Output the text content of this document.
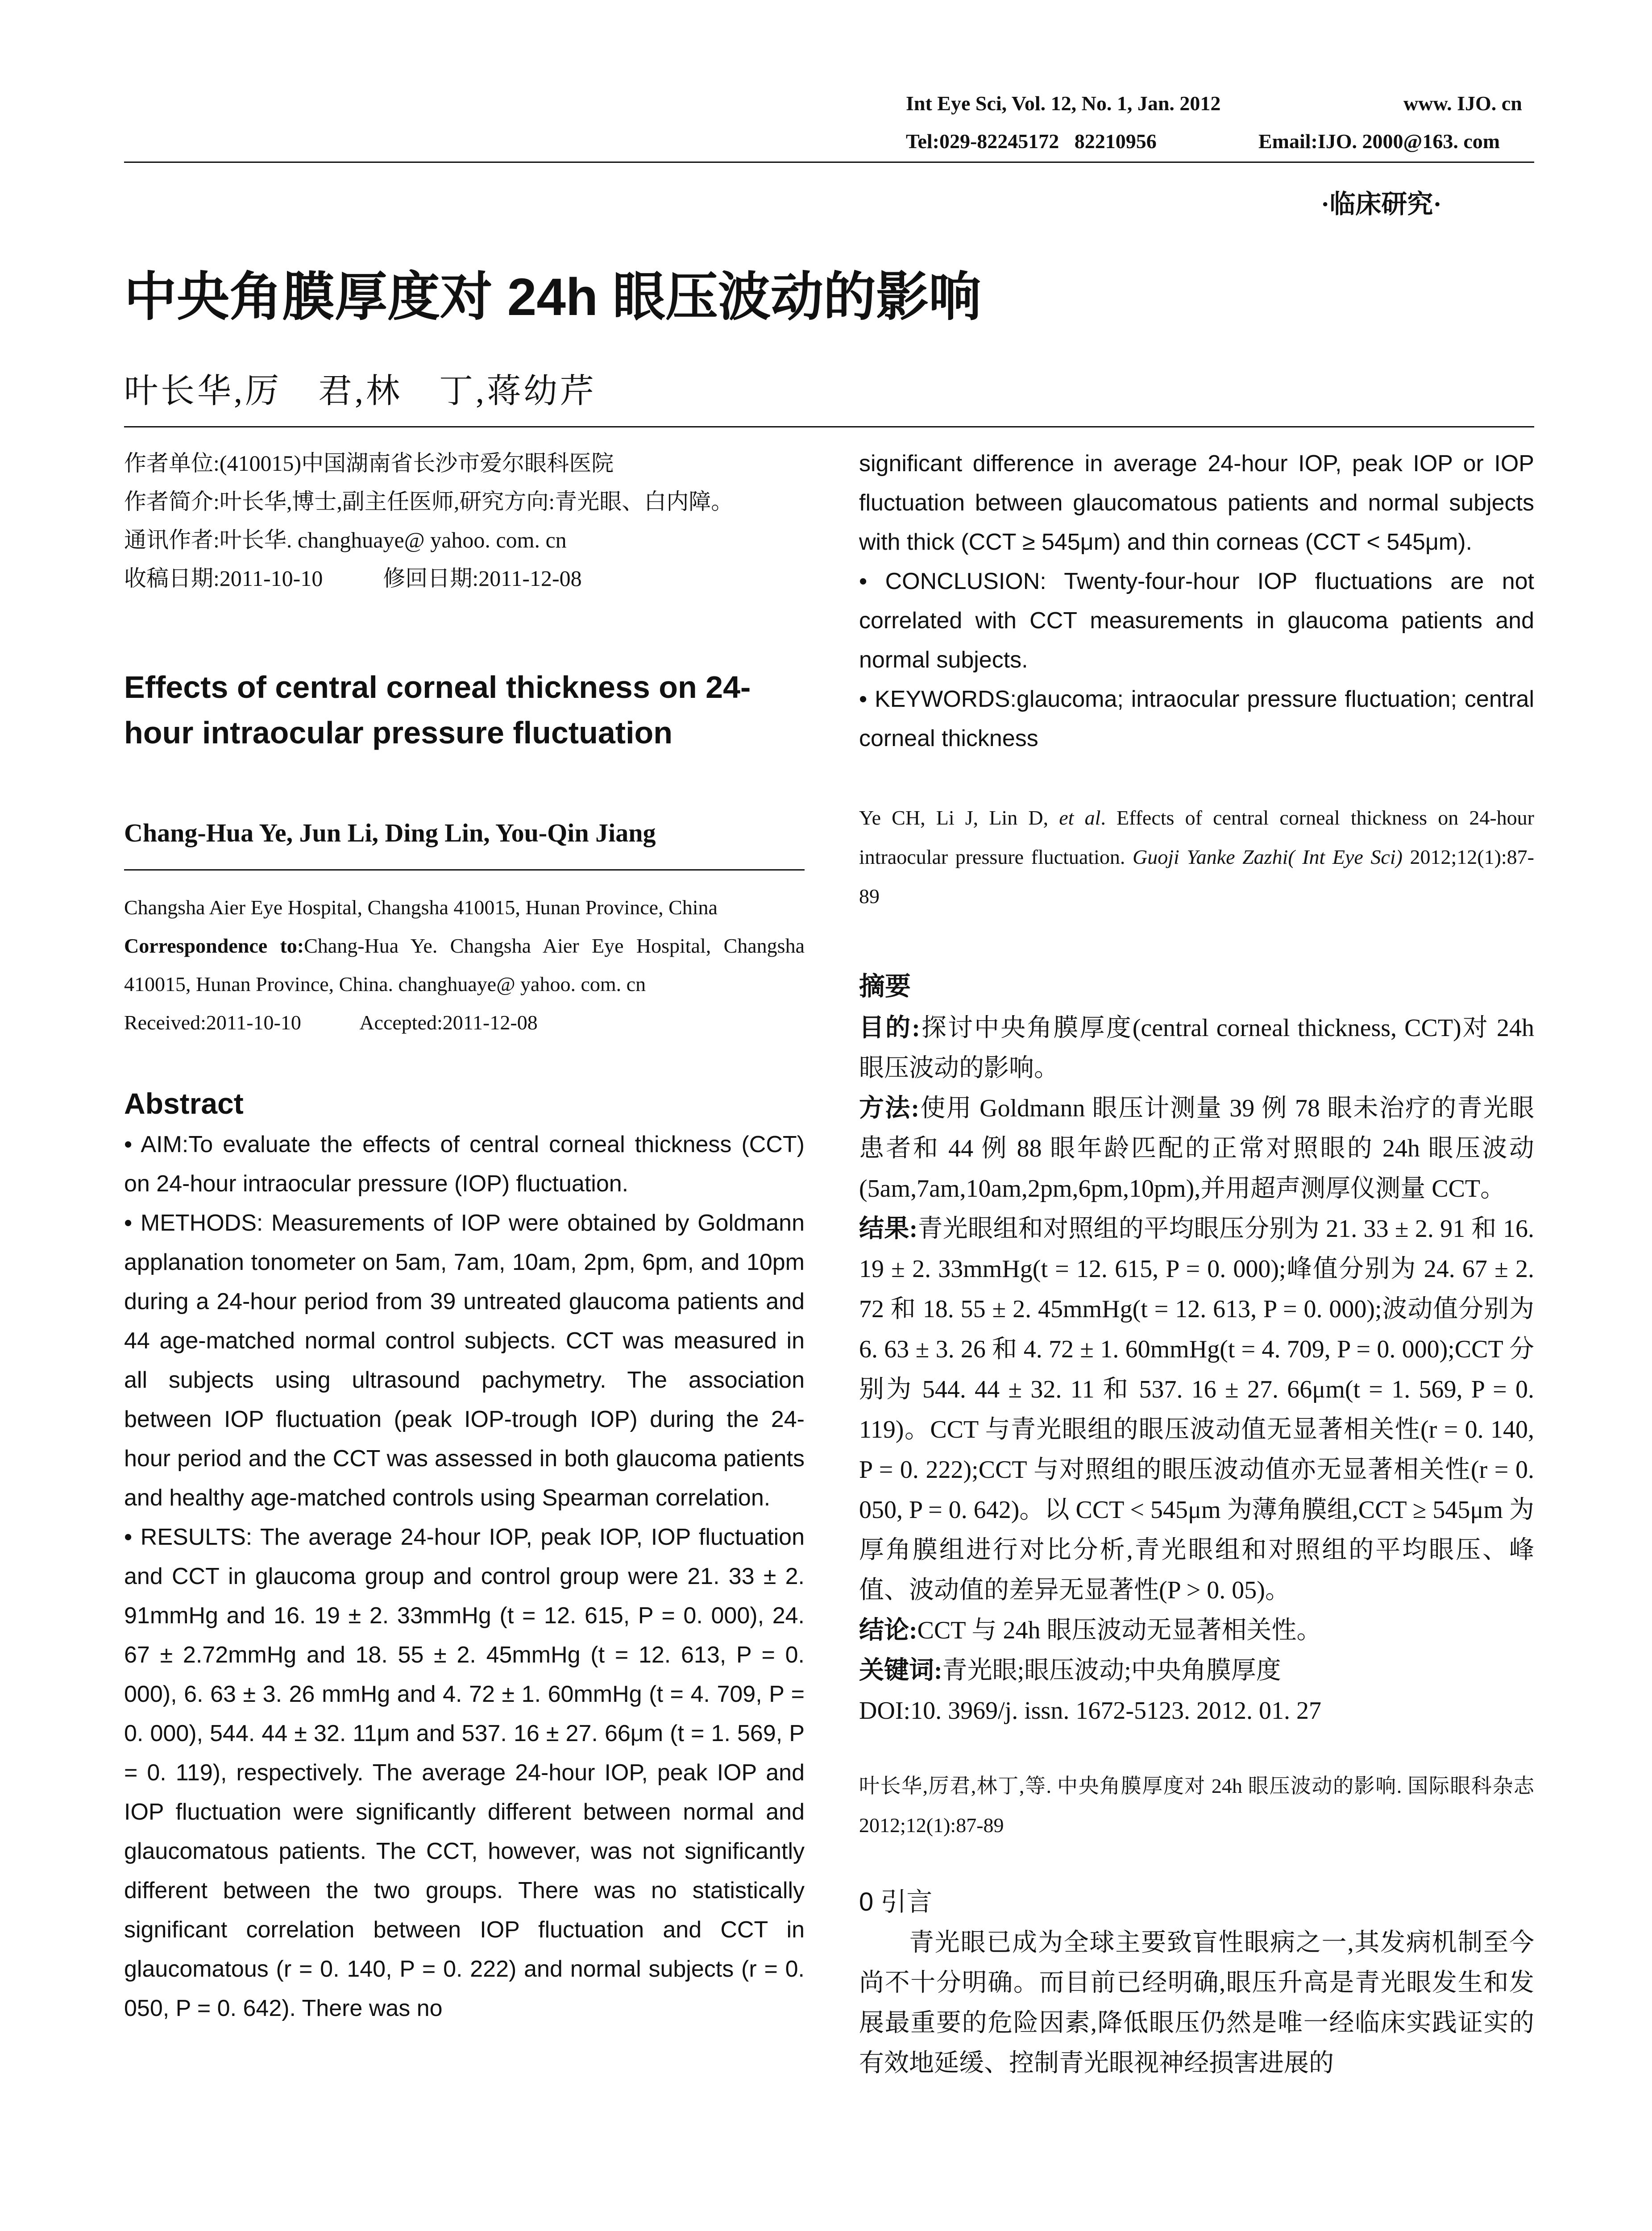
Int Eye Sci, Vol. 12, No. 1, Jan. 2012	www. IJO. cn
Tel:029-82245172   82210956	Email:IJO. 2000@163. com
·临床研究·
中央角膜厚度对 24h 眼压波动的影响
叶长华,厉　君,林　丁,蒋幼芹
作者单位:(410015)中国湖南省长沙市爱尔眼科医院
作者简介:叶长华,博士,副主任医师,研究方向:青光眼、白内障。
通讯作者:叶长华. changhuaye@ yahoo. com. cn
收稿日期:2011-10-10	修回日期:2011-12-08
Effects of central corneal thickness on 24-hour intraocular pressure fluctuation
Chang-Hua Ye, Jun Li, Ding Lin, You-Qin Jiang
Changsha Aier Eye Hospital, Changsha 410015, Hunan Province, China
Correspondence to:Chang-Hua Ye. Changsha Aier Eye Hospital, Changsha 410015, Hunan Province, China. changhuaye@ yahoo. com. cn
Received:2011-10-10	Accepted:2011-12-08
Abstract

• AIM:To evaluate the effects of central corneal thickness (CCT) on 24-hour intraocular pressure (IOP) fluctuation.

• METHODS: Measurements of IOP were obtained by Goldmann applanation tonometer on 5am, 7am, 10am, 2pm, 6pm, and 10pm during a 24-hour period from 39 untreated glaucoma patients and 44 age-matched normal control subjects. CCT was measured in all subjects using ultrasound pachymetry. The association between IOP fluctuation (peak IOP-trough IOP) during the 24-hour period and the CCT was assessed in both glaucoma patients and healthy age-matched controls using Spearman correlation.

• RESULTS: The average 24-hour IOP, peak IOP, IOP fluctuation and CCT in glaucoma group and control group were 21. 33 ± 2. 91mmHg and 16. 19 ± 2. 33mmHg (t = 12. 615, P = 0. 000), 24. 67 ± 2.72mmHg and 18. 55 ± 2. 45mmHg (t = 12. 613, P = 0. 000), 6. 63 ± 3. 26 mmHg and 4. 72 ± 1. 60mmHg (t = 4. 709, P = 0. 000), 544. 44 ± 32. 11μm and 537. 16 ± 27. 66μm (t = 1. 569, P = 0. 119), respectively. The average 24-hour IOP, peak IOP and IOP fluctuation were significantly different between normal and glaucomatous patients. The CCT, however, was not significantly different between the two groups. There was no statistically significant correlation between IOP fluctuation and CCT in glaucomatous (r = 0. 140, P = 0. 222) and normal subjects (r = 0. 050, P = 0. 642). There was no

significant difference in average 24-hour IOP, peak IOP or IOP fluctuation between glaucomatous patients and normal subjects with thick (CCT ≥ 545μm) and thin corneas (CCT < 545μm).

• CONCLUSION: Twenty-four-hour IOP fluctuations are not correlated with CCT measurements in glaucoma patients and normal subjects.

• KEYWORDS:glaucoma; intraocular pressure fluctuation; central corneal thickness

Ye CH, Li J, Lin D, et al. Effects of central corneal thickness on 24-hour intraocular pressure fluctuation. Guoji Yanke Zazhi( Int Eye Sci) 2012;12(1):87-89
摘要

目的:探讨中央角膜厚度(central corneal thickness, CCT)对 24h 眼压波动的影响。

方法:使用 Goldmann 眼压计测量 39 例 78 眼未治疗的青光眼患者和 44 例 88 眼年龄匹配的正常对照眼的 24h 眼压波动(5am,7am,10am,2pm,6pm,10pm),并用超声测厚仪测量 CCT。

结果:青光眼组和对照组的平均眼压分别为 21. 33 ± 2. 91 和 16. 19 ± 2. 33mmHg(t = 12. 615, P = 0. 000);峰值分别为 24. 67 ± 2. 72 和 18. 55 ± 2. 45mmHg(t = 12. 613, P = 0. 000);波动值分别为 6. 63 ± 3. 26 和 4. 72 ± 1. 60mmHg(t = 4. 709, P = 0. 000);CCT 分别为 544. 44 ± 32. 11 和 537. 16 ± 27. 66μm(t = 1. 569, P = 0. 119)。CCT 与青光眼组的眼压波动值无显著相关性(r = 0. 140, P = 0. 222);CCT 与对照组的眼压波动值亦无显著相关性(r = 0. 050, P = 0. 642)。以 CCT < 545μm 为薄角膜组,CCT ≥ 545μm 为厚角膜组进行对比分析,青光眼组和对照组的平均眼压、峰值、波动值的差异无显著性(P > 0. 05)。

结论:CCT 与 24h 眼压波动无显著相关性。

关键词:青光眼;眼压波动;中央角膜厚度

DOI:10. 3969/j. issn. 1672-5123. 2012. 01. 27

叶长华,厉君,林丁,等. 中央角膜厚度对 24h 眼压波动的影响. 国际眼科杂志 2012;12(1):87-89
0 引言
青光眼已成为全球主要致盲性眼病之一,其发病机制至今尚不十分明确。而目前已经明确,眼压升高是青光眼发生和发展最重要的危险因素,降低眼压仍然是唯一经临床实践证实的有效地延缓、控制青光眼视神经损害进展的
